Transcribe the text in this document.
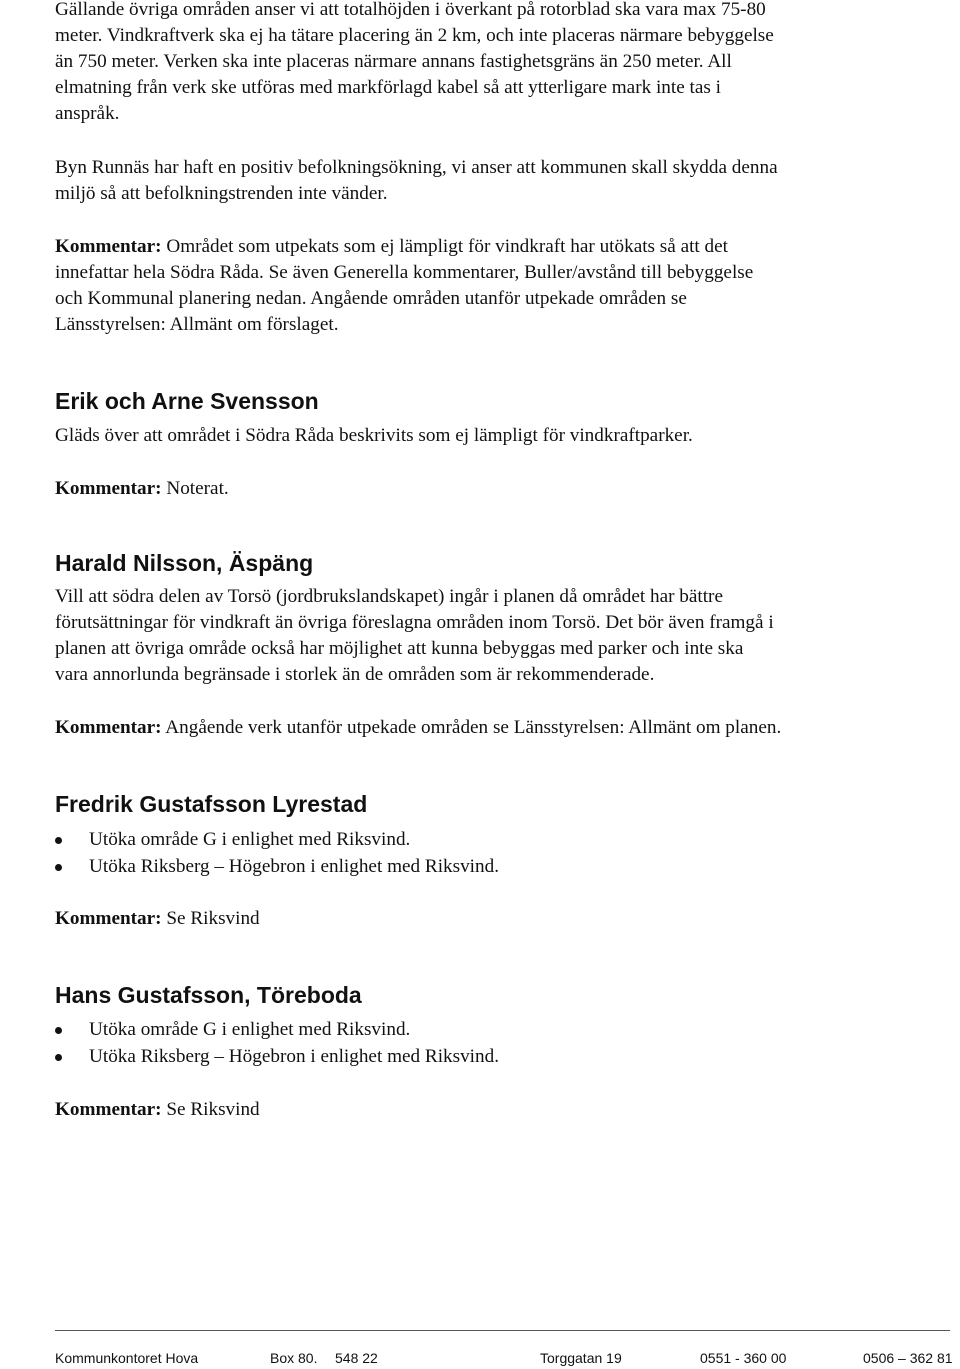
Gällande övriga områden anser vi att totalhöjden i överkant på rotorblad ska vara max 75-80
meter. Vindkraftverk ska ej ha tätare placering än 2 km, och inte placeras närmare bebyggelse
än 750 meter. Verken ska inte placeras närmare annans fastighetsgräns än 250 meter. All
elmatning från verk ske utföras med markförlagd kabel så att ytterligare mark inte tas i
anspråk.
Byn Runnäs har haft en positiv befolkningsökning, vi anser att kommunen skall skydda denna
miljö så att befolkningstrenden inte vänder.
Kommentar: Området som utpekats som ej lämpligt för vindkraft har utökats så att det
innefattar hela Södra Råda. Se även Generella kommentarer, Buller/avstånd till bebyggelse
och Kommunal planering nedan. Angående områden utanför utpekade områden se
Länsstyrelsen: Allmänt om förslaget.
Erik och Arne Svensson
Gläds över att området i Södra Råda beskrivits som ej lämpligt för vindkraftparker.
Kommentar: Noterat.
Harald Nilsson, Äspäng
Vill att södra delen av Torsö (jordbrukslandskapet) ingår i planen då området har bättre
förutsättningar för vindkraft än övriga föreslagna områden inom Torsö. Det bör även framgå i
planen att övriga område också har möjlighet att kunna bebyggas med parker och inte ska
vara annorlunda begränsade i storlek än de områden som är rekommenderade.
Kommentar: Angående verk utanför utpekade områden se Länsstyrelsen: Allmänt om planen.
Fredrik Gustafsson Lyrestad
Utöka område G i enlighet med Riksvind.
Utöka Riksberg – Högebron i enlighet med Riksvind.
Kommentar: Se Riksvind
Hans Gustafsson, Töreboda
Utöka område G i enlighet med Riksvind.
Utöka Riksberg – Högebron i enlighet med Riksvind.
Kommentar: Se Riksvind
Kommunkontoret Hova	Box 80. 548 22	Torggatan 19	0551 - 360 00	0506 – 362 81
